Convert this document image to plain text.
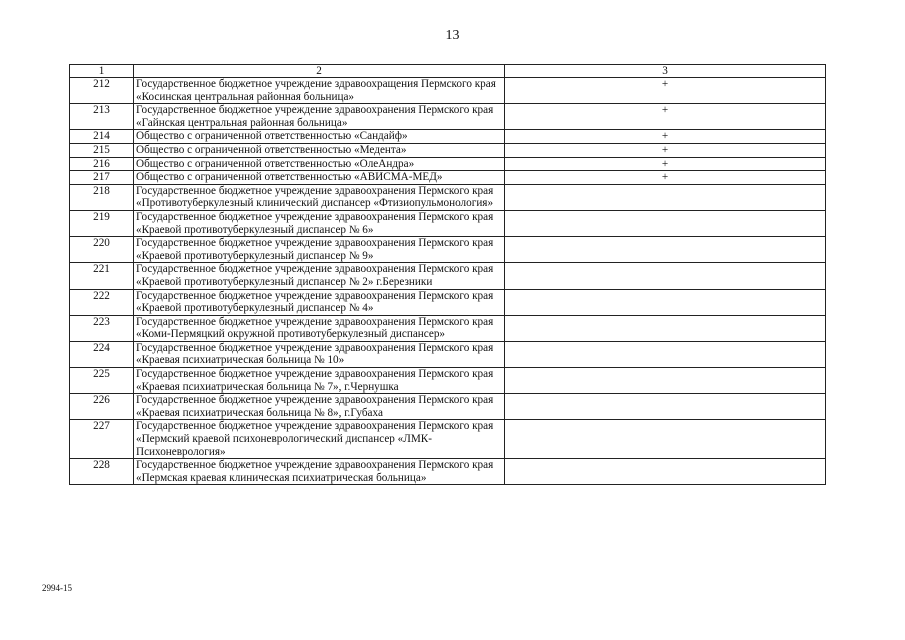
13
1	2	3
212	Государственное бюджетное учреждение здравоохращения Пермского края «Косинская центральная районная больница»	+
213	Государственное бюджетное учреждение здравоохранения Пермского края «Гайнская центральная районная больница»	+
214	Общество с ограниченной ответственностью «Сандайф»	+
215	Общество с ограниченной ответственностью «Медента»	+
216	Общество с ограниченной ответственностью «ОлеАндра»	+
217	Общество с ограниченной ответственностью «АВИСМА-МЕД»	+
218	Государственное бюджетное учреждение здравоохранения Пермского края «Противотуберкулезный клинический диспансер «Фтизиопульмонология»	
219	Государственное бюджетное учреждение здравоохранения Пермского края «Краевой противотуберкулезный диспансер № 6»	
220	Государственное бюджетное учреждение здравоохранения Пермского края «Краевой противотуберкулезный диспансер № 9»	
221	Государственное бюджетное учреждение здравоохранения Пермского края «Краевой противотуберкулезный диспансер № 2» г.Березники	
222	Государственное бюджетное учреждение здравоохранения Пермского края «Краевой противотуберкулезный диспансер № 4»	
223	Государственное бюджетное учреждение здравоохранения Пермского края «Коми-Пермяцкий окружной противотуберкулезный диспансер»	
224	Государственное бюджетное учреждение здравоохранения Пермского края «Краевая психиатрическая больница № 10»	
225	Государственное бюджетное учреждение здравоохранения Пермского края «Краевая психиатрическая больница № 7», г.Чернушка	
226	Государственное бюджетное учреждение здравоохранения Пермского края «Краевая психиатрическая больница № 8», г.Губаха	
227	Государственное бюджетное учреждение здравоохранения Пермского края «Пермский краевой психоневрологический диспансер «ЛМК-Психоневрология»	
228	Государственное бюджетное учреждение здравоохранения Пермского края «Пермская краевая клиническая психиатрическая больница»	
2994-15
